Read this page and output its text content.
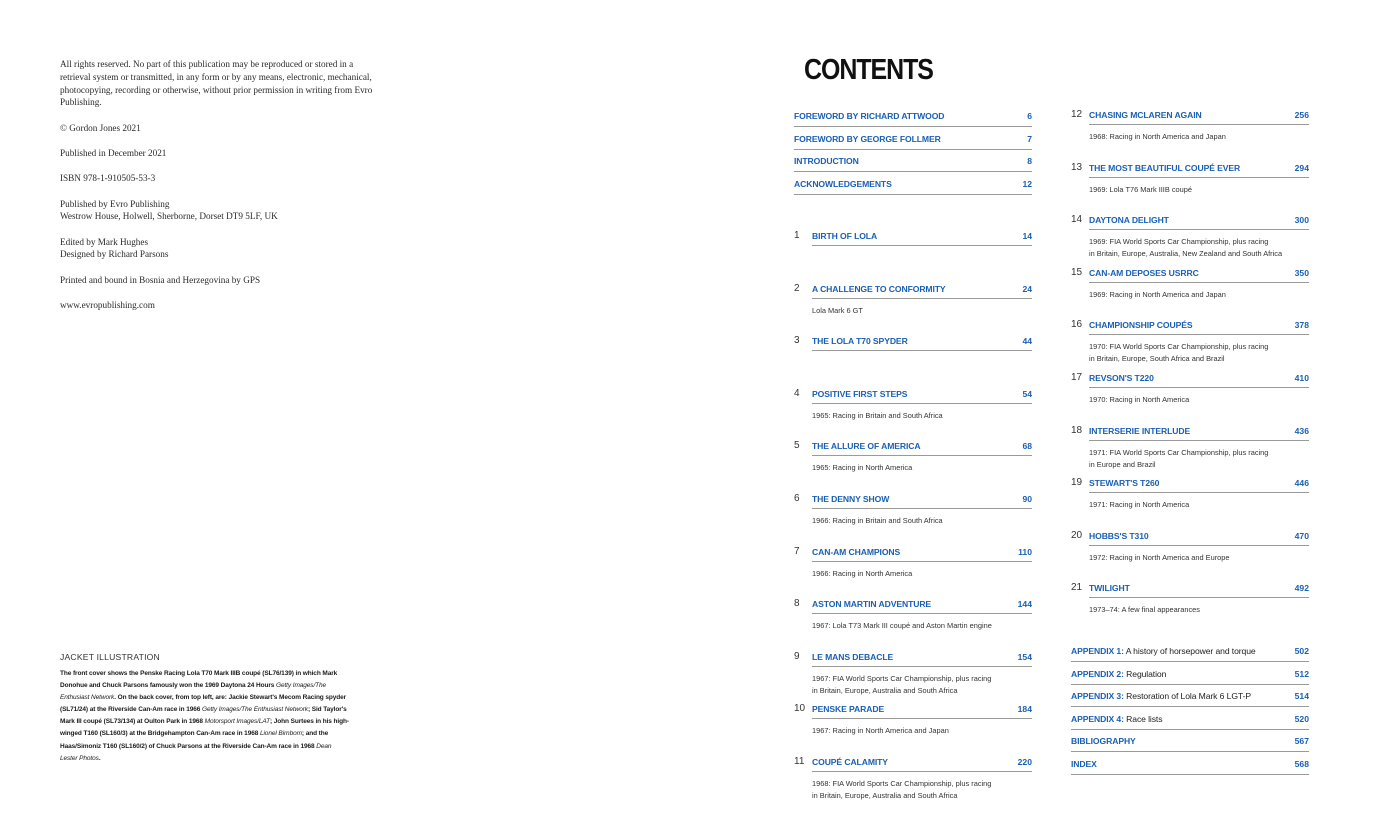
All rights reserved. No part of this publication may be reproduced or stored in a retrieval system or transmitted, in any form or by any means, electronic, mechanical, photocopying, recording or otherwise, without prior permission in writing from Evro Publishing.

© Gordon Jones 2021

Published in December 2021

ISBN 978-1-910505-53-3

Published by Evro Publishing
Westrow House, Holwell, Sherborne, Dorset DT9 5LF, UK

Edited by Mark Hughes
Designed by Richard Parsons

Printed and bound in Bosnia and Herzegovina by GPS

www.evropublishing.com

JACKET ILLUSTRATION
The front cover shows the Penske Racing Lola T70 Mark IIIB coupé (SL76/139) in which Mark Donohue and Chuck Parsons famously won the 1969 Daytona 24 Hours Getty Images/The Enthusiast Network. On the back cover, from top left, are: Jackie Stewart's Mecom Racing spyder (SL71/24) at the Riverside Can-Am race in 1966 Getty Images/The Enthusiast Network; Sid Taylor's Mark III coupé (SL73/134) at Oulton Park in 1968 Motorsport Images/LAT; John Surtees in his high-winged T160 (SL160/3) at the Bridgehampton Can-Am race in 1968 Lionel Birnbom; and the Haas/Simoniz T160 (SL160/2) of Chuck Parsons at the Riverside Can-Am race in 1968 Dean Lester Photos.
CONTENTS
FOREWORD BY RICHARD ATTWOOD	6
FOREWORD BY GEORGE FOLLMER	7
INTRODUCTION	8
ACKNOWLEDGEMENTS	12
1 BIRTH OF LOLA	14
2 A CHALLENGE TO CONFORMITY	24
Lola Mark 6 GT
3 THE LOLA T70 SPYDER	44
4 POSITIVE FIRST STEPS	54
1965: Racing in Britain and South Africa
5 THE ALLURE OF AMERICA	68
1965: Racing in North America
6 THE DENNY SHOW	90
1966: Racing in Britain and South Africa
7 CAN-AM CHAMPIONS	110
1966: Racing in North America
8 ASTON MARTIN ADVENTURE	144
1967: Lola T73 Mark III coupé and Aston Martin engine
9 LE MANS DEBACLE	154
1967: FIA World Sports Car Championship, plus racing
in Britain, Europe, Australia and South Africa
10 PENSKE PARADE	184
1967: Racing in North America and Japan
11 COUPÉ CALAMITY	220
1968: FIA World Sports Car Championship, plus racing
in Britain, Europe, Australia and South Africa
12 CHASING MCLAREN AGAIN	256
1968: Racing in North America and Japan
13 THE MOST BEAUTIFUL COUPÉ EVER	294
1969: Lola T76 Mark IIIB coupé
14 DAYTONA DELIGHT	300
1969: FIA World Sports Car Championship, plus racing
in Britain, Europe, Australia, New Zealand and South Africa
15 CAN-AM DEPOSES USRRC	350
1969: Racing in North America and Japan
16 CHAMPIONSHIP COUPÉS	378
1970: FIA World Sports Car Championship, plus racing
in Britain, Europe, South Africa and Brazil
17 REVSON'S T220	410
1970: Racing in North America
18 INTERSERIE INTERLUDE	436
1971: FIA World Sports Car Championship, plus racing
in Europe and Brazil
19 STEWART'S T260	446
1971: Racing in North America
20 HOBBS'S T310	470
1972: Racing in North America and Europe
21 TWILIGHT	492
1973–74: A few final appearances
APPENDIX 1: A history of horsepower and torque	502
APPENDIX 2: Regulation	512
APPENDIX 3: Restoration of Lola Mark 6 LGT-P	514
APPENDIX 4: Race lists	520
BIBLIOGRAPHY	567
INDEX	568
